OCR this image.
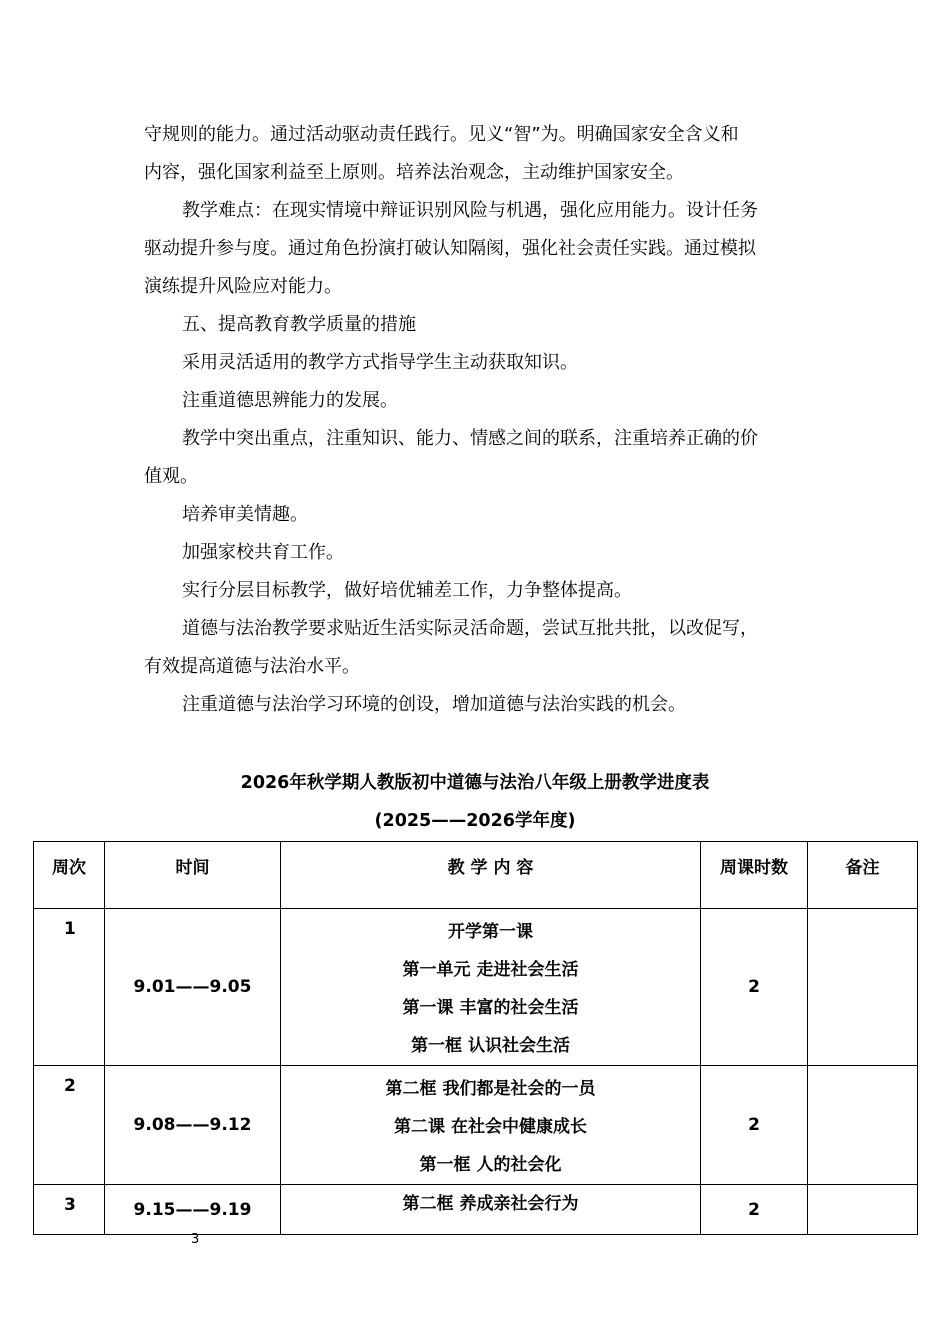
守规则的能力。通过活动驱动责任践行。见义“智”为。明确国家安全含义和
内容，强化国家利益至上原则。培养法治观念，主动维护国家安全。
教学难点：在现实情境中辩证识别风险与机遇，强化应用能力。设计任务
驱动提升参与度。通过角色扮演打破认知隔阂，强化社会责任实践。通过模拟
演练提升风险应对能力。
五、提高教育教学质量的措施
采用灵活适用的教学方式指导学生主动获取知识。
注重道德思辨能力的发展。
教学中突出重点，注重知识、能力、情感之间的联系，注重培养正确的价
值观。
培养审美情趣。
加强家校共育工作。
实行分层目标教学，做好培优辅差工作，力争整体提高。
道德与法治教学要求贴近生活实际灵活命题，尝试互批共批，以改促写，
有效提高道德与法治水平。
注重道德与法治学习环境的创设，增加道德与法治实践的机会。
2026年秋学期人教版初中道德与法治八年级上册教学进度表
(2025——2026学年度)
周次	时间	教 学 内 容	周课时数	备注
1	9.01——9.05	开学第一课
第一单元 走进社会生活
第一课 丰富的社会生活
第一框 认识社会生活	2	
2	9.08——9.12	第二框 我们都是社会的一员
第二课 在社会中健康成长
第一框 人的社会化	2	
3	9.15——9.19	第二框 养成亲社会行为	2	
3
